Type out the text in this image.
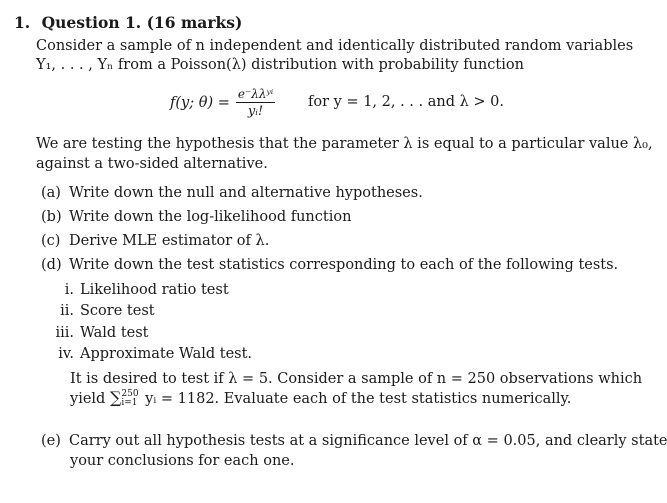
1. Question 1. (16 marks)
Consider a sample of n independent and identically distributed random variables
Y₁, . . . , Yₙ from a Poisson(λ) distribution with probability function
f(y; $\theta) = \frac{\text{e⁻λλʸⁱ}}{\text{yᵢ!}}$ for y = 1, 2, . . . and λ > 0.
We are testing the hypothesis that the parameter λ is equal to a particular value λ₀,
against a two-sided alternative.
(a) Write down the null and alternative hypotheses.
(b) Write down the log-likelihood function
(c) Derive MLE estimator of λ.
(d) Write down the test statistics corresponding to each of the following tests.
i. Likelihood ratio test
ii. Score test
iii. Wald test
iv. Approximate Wald test.
It is desired to test if λ = 5. Consider a sample of n = 250 observations which
yield ∑250
i=1 yᵢ = 1182. Evaluate each of the test statistics numerically.
(e) Carry out all hypothesis tests at a significance level of α = 0.05, and clearly state
your conclusions for each one.
